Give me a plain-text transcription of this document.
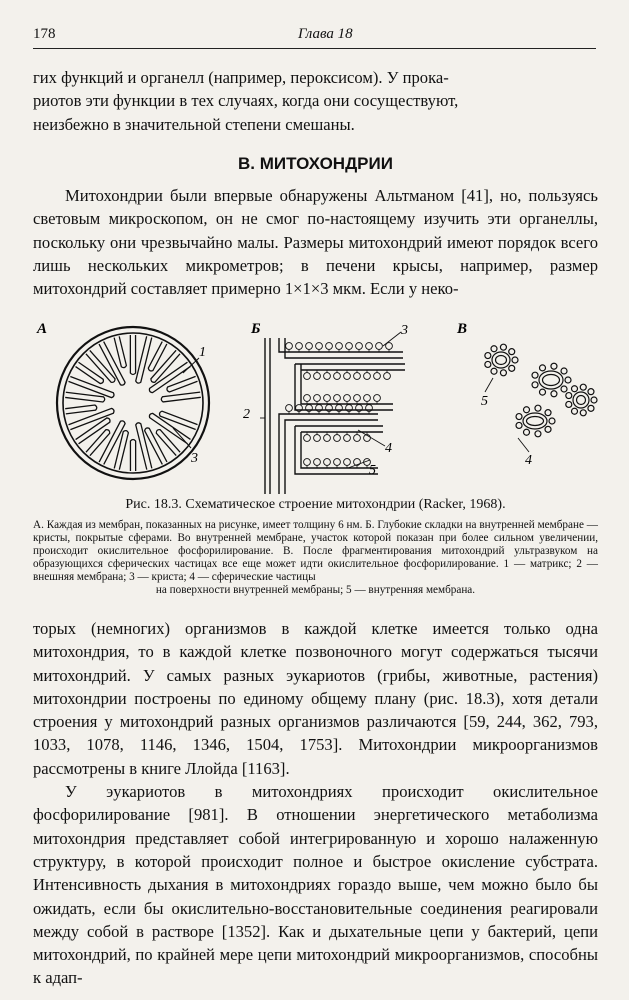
178	Глава 18
гих функций и органелл (например, пероксисом). У прока-
риотов эти функции в тех случаях, когда они сосуществуют,
неизбежно в значительной степени смешаны.
В. МИТОХОНДРИИ

Митохондрии были впервые обнаружены Альтманом [41], но, пользуясь световым микроскопом, он не смог по-настоящему изучить эти органеллы, поскольку они чрезвычайно малы. Размеры митохондрий имеют порядок всего лишь нескольких микрометров; в печени крысы, например, размер митохондрий составляет примерно 1×1×3 мкм. Если у неко-

А
1
3
Б	3
2
4
5
В
5
4
Рис. 18.3. Схематическое строение митохондрии (Racker, 1968).
А. Каждая из мембран, показанных на рисунке, имеет толщину 6 нм. Б. Глубокие складки на внутренней мембране — кристы, покрытые сферами. Во внутренней мембране, участок которой показан при более сильном увеличении, происходит окислительное фосфорилирование. В. После фрагментирования митохондрий ультразвуком на образующихся сферических частицах все еще может идти окислительное фосфорилирование. 1 — матрикс; 2 — внешняя мембрана; 3 — криста; 4 — сферические частицы
на поверхности внутренней мембраны; 5 — внутренняя мембрана.

торых (немногих) организмов в каждой клетке имеется только одна митохондрия, то в каждой клетке позвоночного могут содержаться тысячи митохондрий. У самых разных эукариотов (грибы, животные, растения) митохондрии построены по единому общему плану (рис. 18.3), хотя детали строения у митохондрий разных организмов различаются [59, 244, 362, 793, 1033, 1078, 1146, 1346, 1504, 1753]. Митохондрии микроорганизмов рассмотрены в книге Ллойда [1163].

У эукариотов в митохондриях происходит окислительное фосфорилирование [981]. В отношении энергетического метаболизма митохондрия представляет собой интегрированную и хорошо налаженную структуру, в которой происходит полное и быстрое окисление субстрата. Интенсивность дыхания в митохондриях гораздо выше, чем можно было бы ожидать, если бы окислительно-восстановительные соединения реагировали между собой в растворе [1352]. Как и дыхательные цепи у бактерий, цепи митохондрий, по крайней мере цепи митохондрий микроорганизмов, способны к адап-
